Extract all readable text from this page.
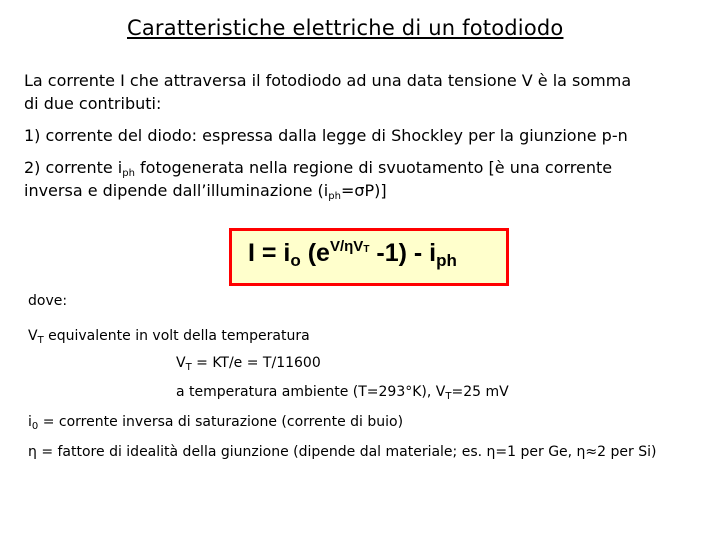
Caratteristiche elettriche di un fotodiodo
La corrente I che attraversa il fotodiodo ad una data tensione V è la somma
di due contributi:
1) corrente del diodo: espressa dalla legge di Shockley per la giunzione p-n
2) corrente $i_{ph}$ fotogenerata nella regione di svuotamento [è una corrente
inversa e dipende dall’illuminazione $(i_{ph}=\sigma P)$]
$I = i_o$ ($e^{V/\eta V_T}$ $-1) - i_{ph}$
dove:
$V_T$ equivalente in volt della temperatura
$V_T = KT/e = T/11600$
a temperatura ambiente (T=293°K), $V_T=25$ mV
$i_0$ = corrente inversa di saturazione (corrente di buio)
η = fattore di idealità della giunzione (dipende dal materiale; es. η=1 per Ge, η≈2 per Si)
